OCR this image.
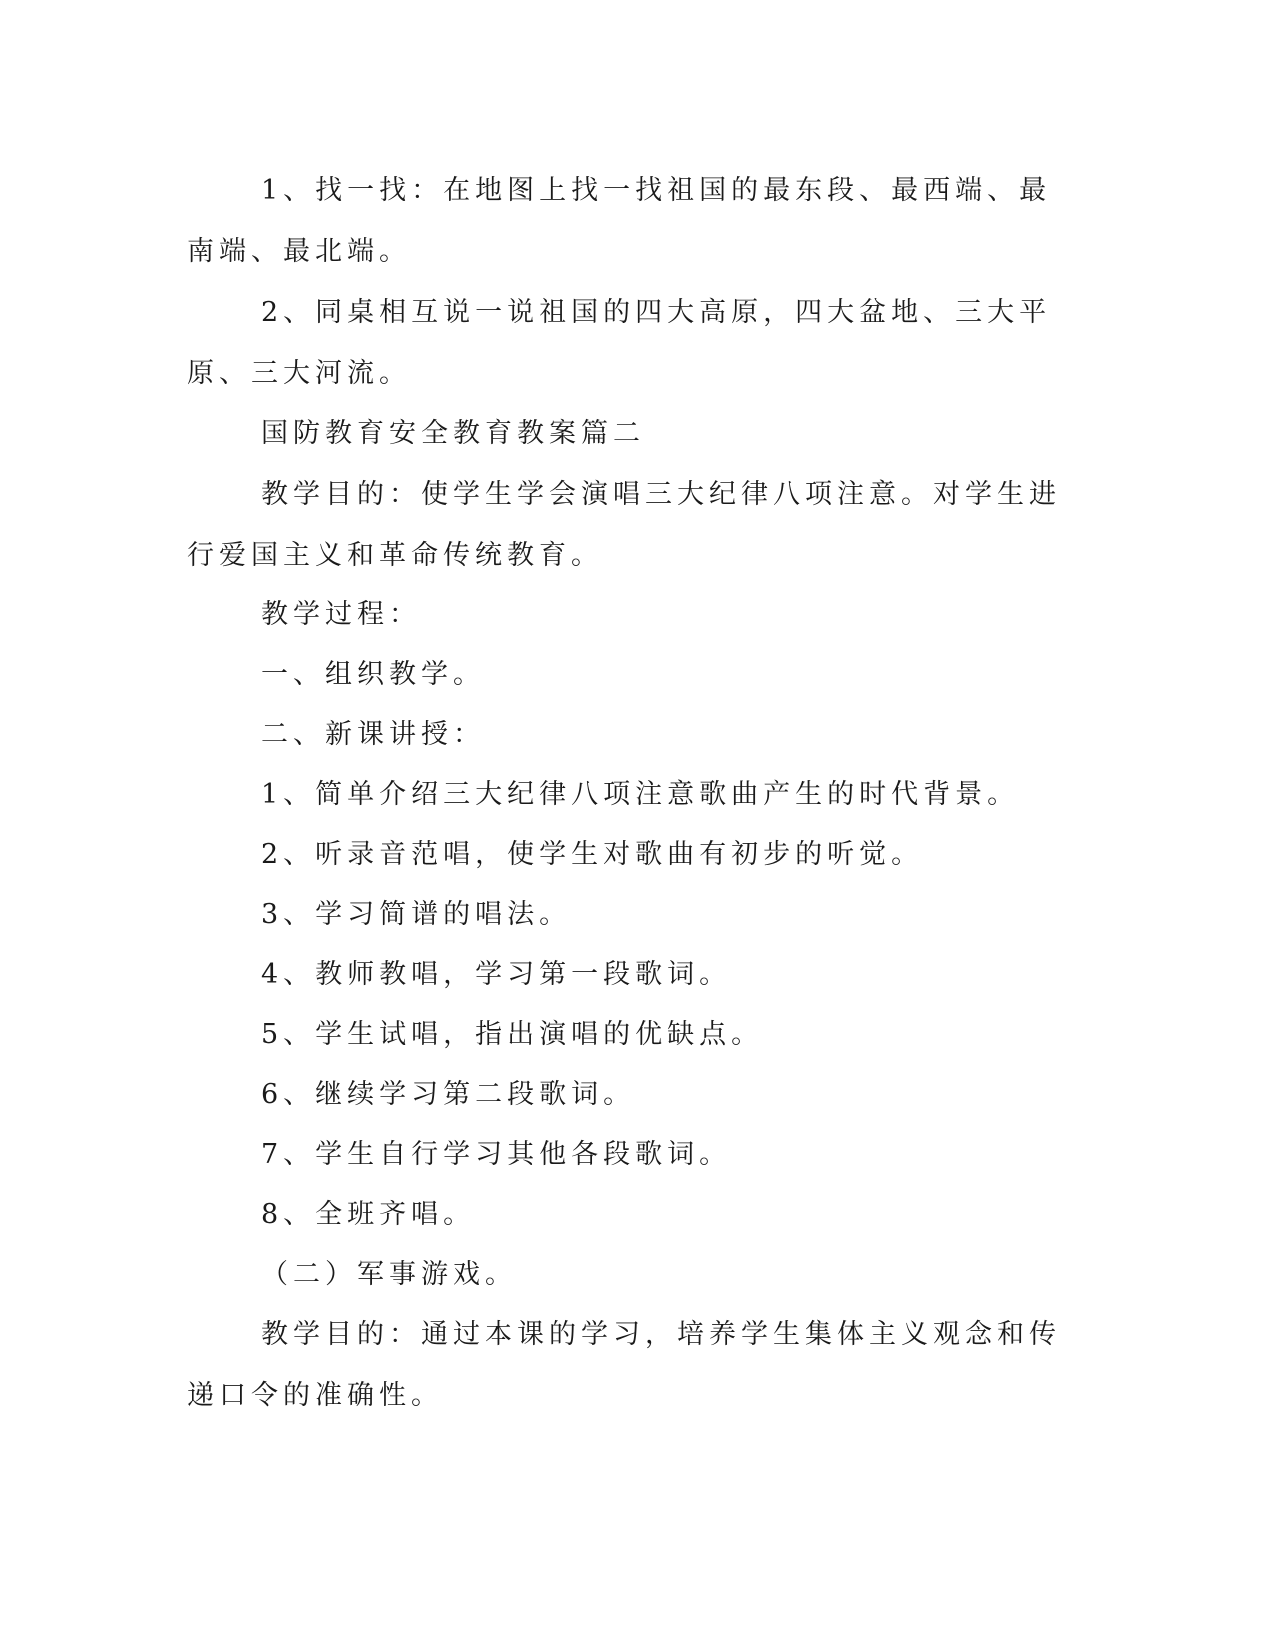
1、找一找：在地图上找一找祖国的最东段、最西端、最南端、最北端。

2、同桌相互说一说祖国的四大高原，四大盆地、三大平原、三大河流。

国防教育安全教育教案篇二

教学目的：使学生学会演唱三大纪律八项注意。对学生进行爱国主义和革命传统教育。

教学过程：

一、组织教学。

二、新课讲授：

1、简单介绍三大纪律八项注意歌曲产生的时代背景。

2、听录音范唱，使学生对歌曲有初步的听觉。

3、学习简谱的唱法。

4、教师教唱，学习第一段歌词。

5、学生试唱，指出演唱的优缺点。

6、继续学习第二段歌词。

7、学生自行学习其他各段歌词。

8、全班齐唱。

（二）军事游戏。

教学目的：通过本课的学习，培养学生集体主义观念和传递口令的准确性。
